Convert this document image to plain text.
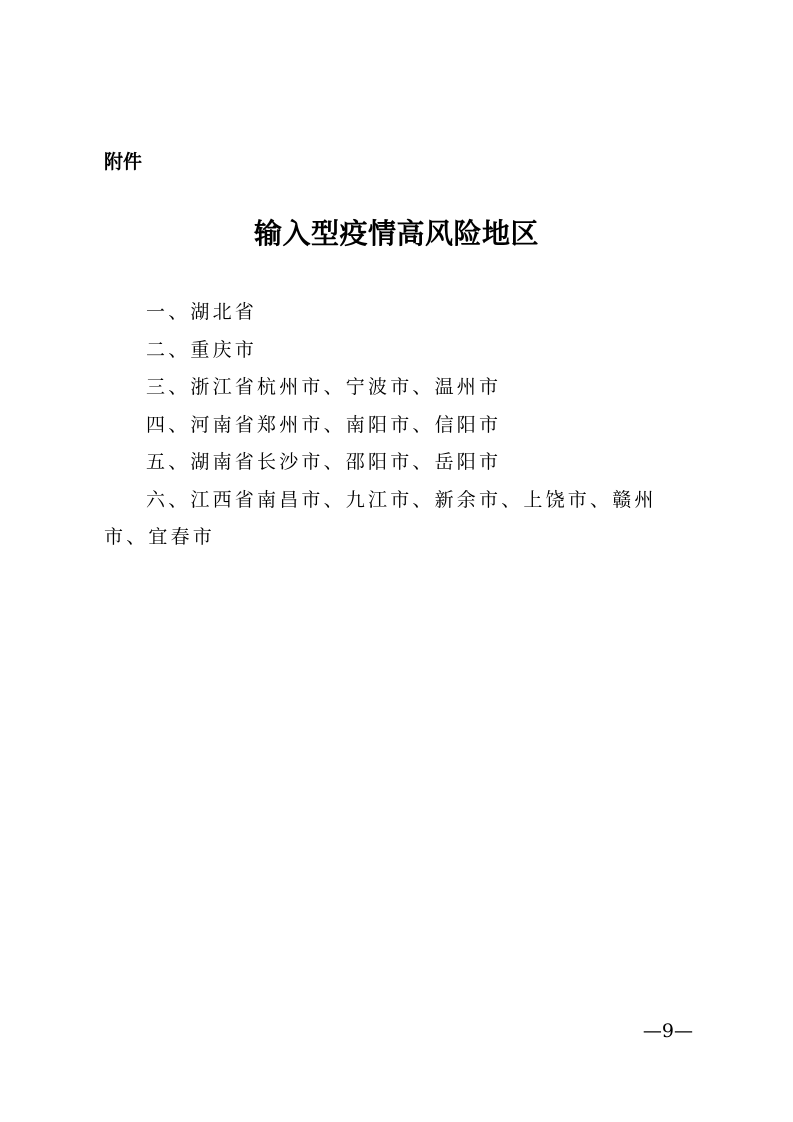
附件
输入型疫情高风险地区
一、湖北省
二、重庆市
三、浙江省杭州市、宁波市、温州市
四、河南省郑州市、南阳市、信阳市
五、湖南省长沙市、邵阳市、岳阳市
六、江西省南昌市、九江市、新余市、上饶市、赣州市、宜春市
—9—
